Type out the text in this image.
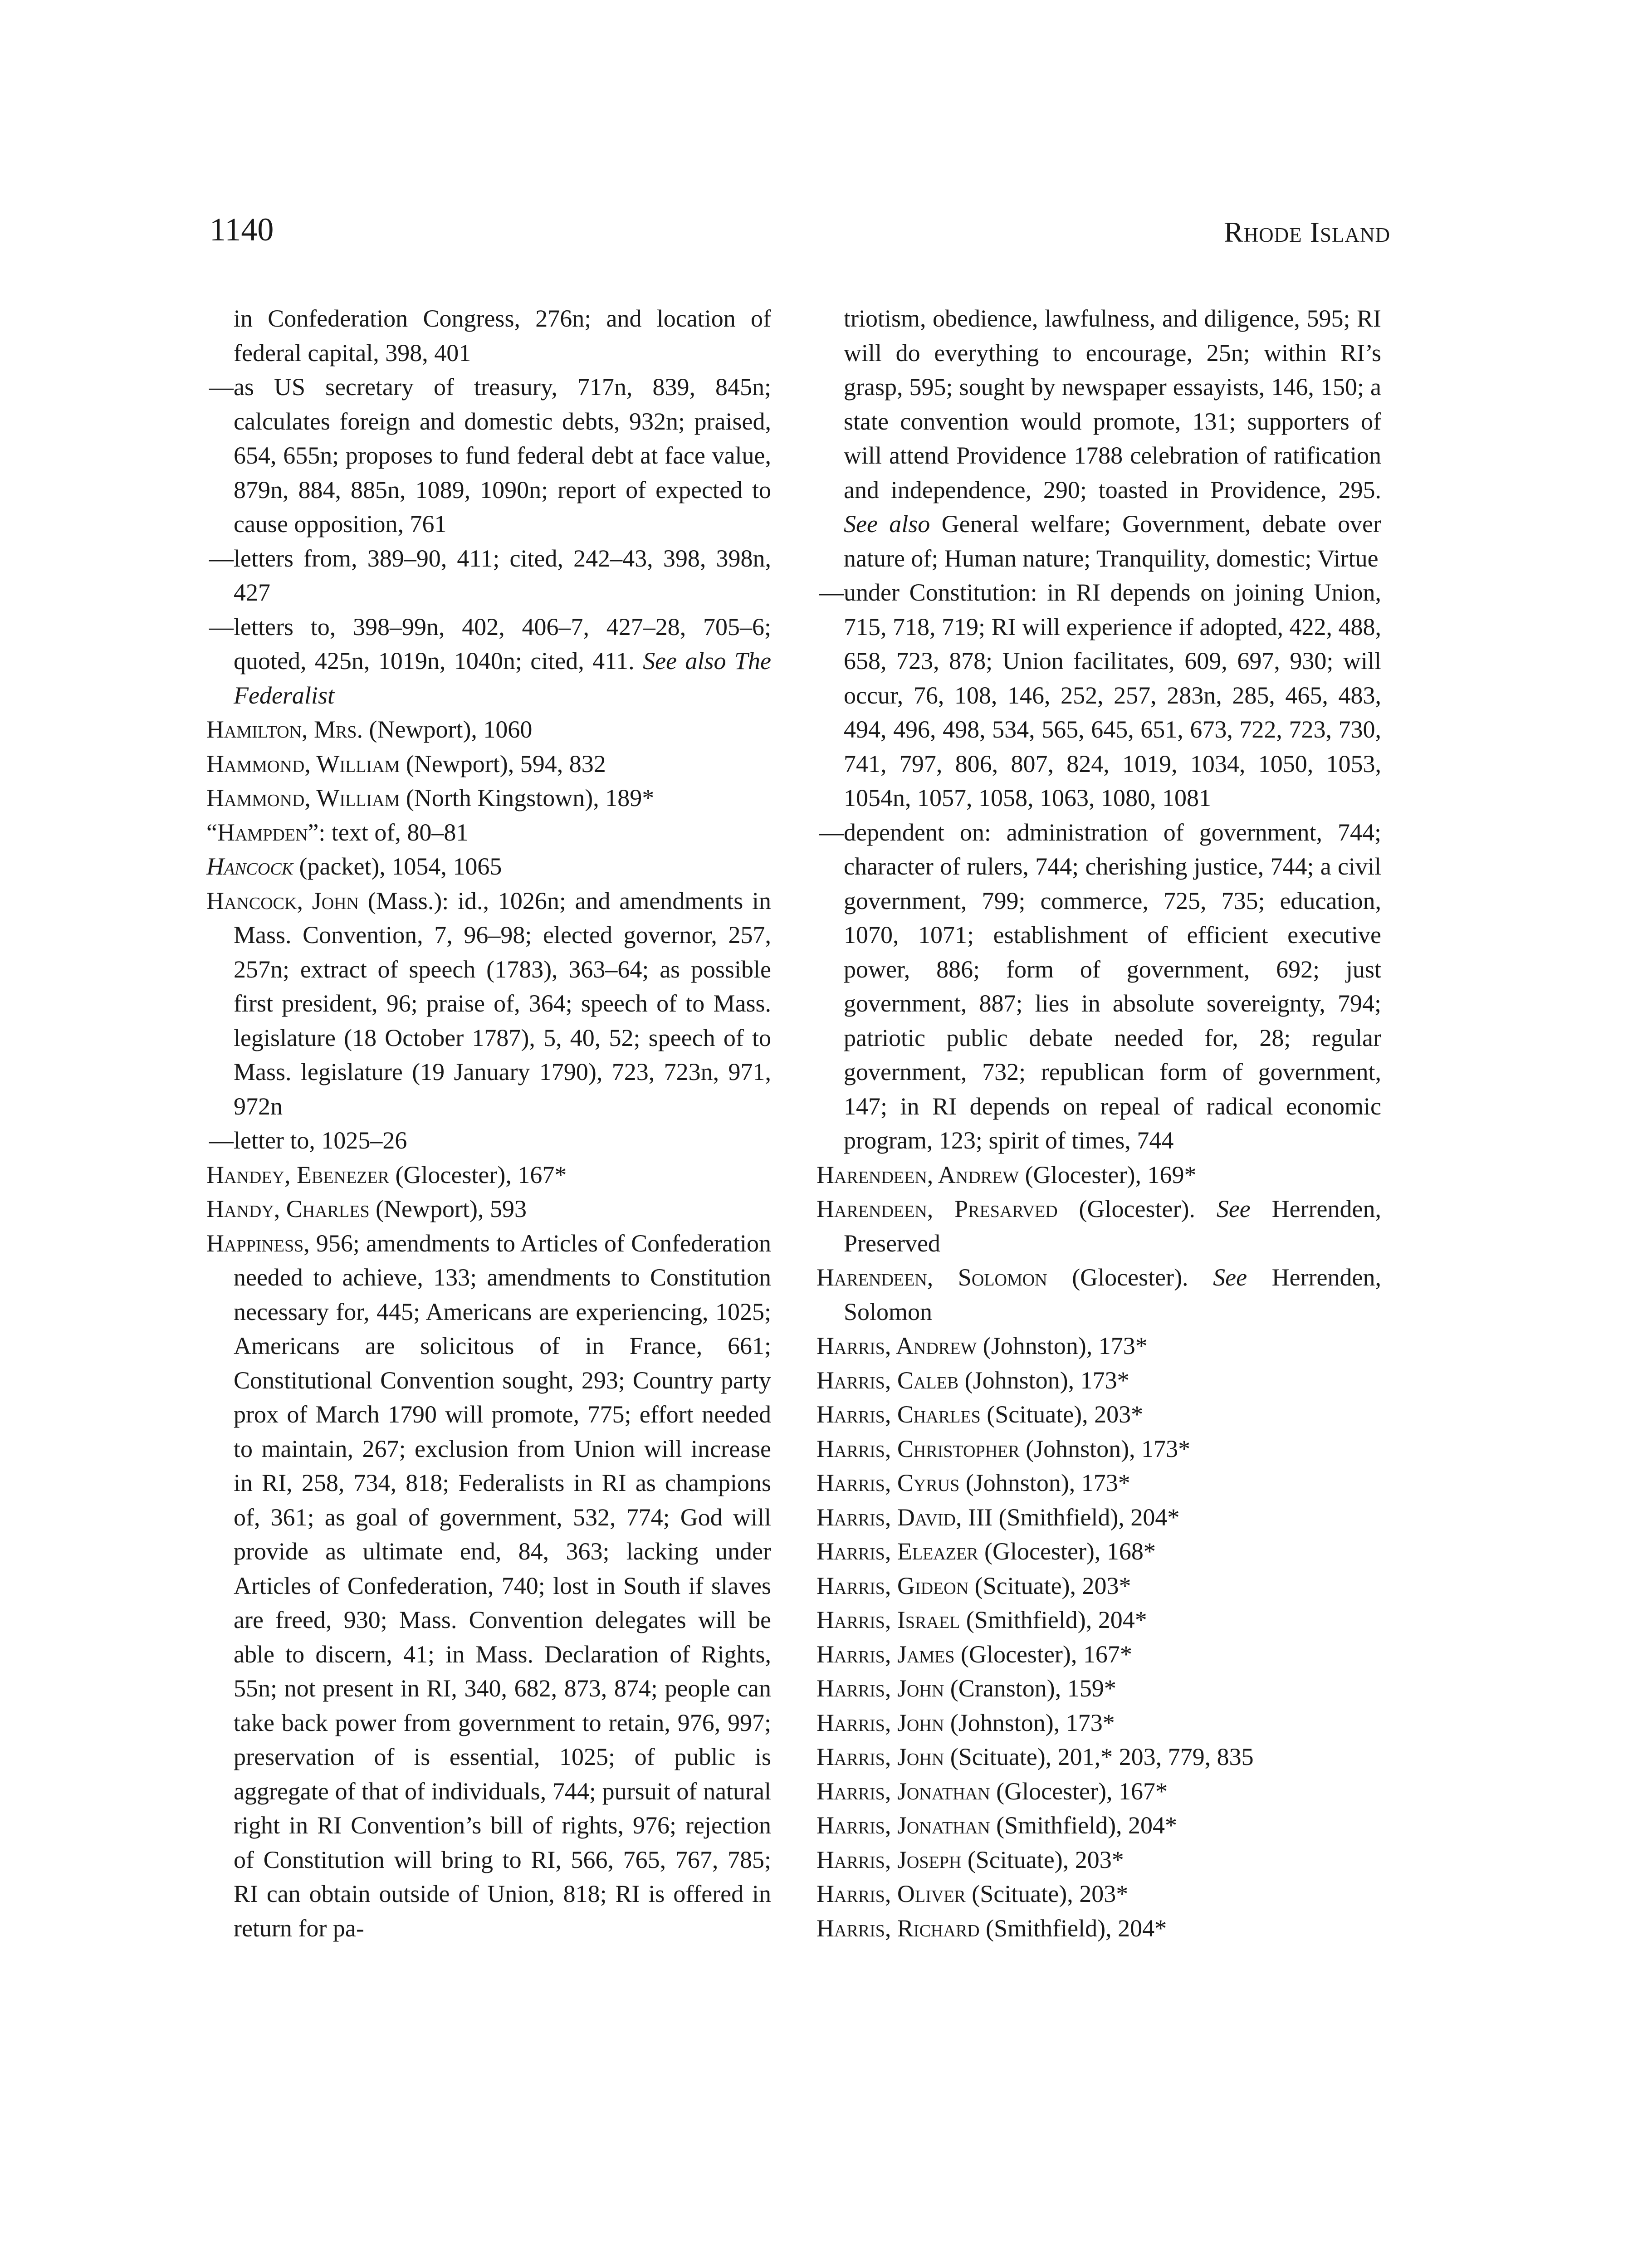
1140	Rhode Island

in Confederation Congress, 276n; and location of federal capital, 398, 401

— as US secretary of treasury, 717n, 839, 845n; calculates foreign and domestic debts, 932n; praised, 654, 655n; proposes to fund federal debt at face value, 879n, 884, 885n, 1089, 1090n; report of expected to cause opposition, 761

— letters from, 389–90, 411; cited, 242–43, 398, 398n, 427

— letters to, 398–99n, 402, 406–7, 427–28, 705–6; quoted, 425n, 1019n, 1040n; cited, 411. See also The Federalist

Hamilton, Mrs. (Newport), 1060

Hammond, William (Newport), 594, 832

Hammond, William (North Kingstown), 189*

“Hampden”: text of, 80–81

Hancock (packet), 1054, 1065

Hancock, John (Mass.): id., 1026n; and amendments in Mass. Convention, 7, 96–98; elected governor, 257, 257n; extract of speech (1783), 363–64; as possible first president, 96; praise of, 364; speech of to Mass. legislature (18 October 1787), 5, 40, 52; speech of to Mass. legislature (19 January 1790), 723, 723n, 971, 972n

— letter to, 1025–26

Handey, Ebenezer (Glocester), 167*

Handy, Charles (Newport), 593

Happiness, 956; amendments to Articles of Confederation needed to achieve, 133; amendments to Constitution necessary for, 445; Americans are experiencing, 1025; Americans are solicitous of in France, 661; Constitutional Convention sought, 293; Country party prox of March 1790 will promote, 775; effort needed to maintain, 267; exclusion from Union will increase in RI, 258, 734, 818; Federalists in RI as champions of, 361; as goal of government, 532, 774; God will provide as ultimate end, 84, 363; lacking under Articles of Confederation, 740; lost in South if slaves are freed, 930; Mass. Convention delegates will be able to discern, 41; in Mass. Declaration of Rights, 55n; not present in RI, 340, 682, 873, 874; people can take back power from government to retain, 976, 997; preservation of is essential, 1025; of public is aggregate of that of individuals, 744; pursuit of natural right in RI Convention’s bill of rights, 976; rejection of Constitution will bring to RI, 566, 765, 767, 785; RI can obtain outside of Union, 818; RI is offered in return for pa-

triotism, obedience, lawfulness, and diligence, 595; RI will do everything to encourage, 25n; within RI’s grasp, 595; sought by newspaper essayists, 146, 150; a state convention would promote, 131; supporters of will attend Providence 1788 celebration of ratification and independence, 290; toasted in Providence, 295. See also General welfare; Government, debate over nature of; Human nature; Tranquility, domestic; Virtue

— under Constitution: in RI depends on joining Union, 715, 718, 719; RI will experience if adopted, 422, 488, 658, 723, 878; Union facilitates, 609, 697, 930; will occur, 76, 108, 146, 252, 257, 283n, 285, 465, 483, 494, 496, 498, 534, 565, 645, 651, 673, 722, 723, 730, 741, 797, 806, 807, 824, 1019, 1034, 1050, 1053, 1054n, 1057, 1058, 1063, 1080, 1081

— dependent on: administration of government, 744; character of rulers, 744; cherishing justice, 744; a civil government, 799; commerce, 725, 735; education, 1070, 1071; establishment of efficient executive power, 886; form of government, 692; just government, 887; lies in absolute sovereignty, 794; patriotic public debate needed for, 28; regular government, 732; republican form of government, 147; in RI depends on repeal of radical economic program, 123; spirit of times, 744

Harendeen, Andrew (Glocester), 169*

Harendeen, Presarved (Glocester). See Herrenden, Preserved

Harendeen, Solomon (Glocester). See Herrenden, Solomon

Harris, Andrew (Johnston), 173*

Harris, Caleb (Johnston), 173*

Harris, Charles (Scituate), 203*

Harris, Christopher (Johnston), 173*

Harris, Cyrus (Johnston), 173*

Harris, David, III (Smithfield), 204*

Harris, Eleazer (Glocester), 168*

Harris, Gideon (Scituate), 203*

Harris, Israel (Smithfield), 204*

Harris, James (Glocester), 167*

Harris, John (Cranston), 159*

Harris, John (Johnston), 173*

Harris, John (Scituate), 201,* 203, 779, 835

Harris, Jonathan (Glocester), 167*

Harris, Jonathan (Smithfield), 204*

Harris, Joseph (Scituate), 203*

Harris, Oliver (Scituate), 203*

Harris, Richard (Smithfield), 204*
